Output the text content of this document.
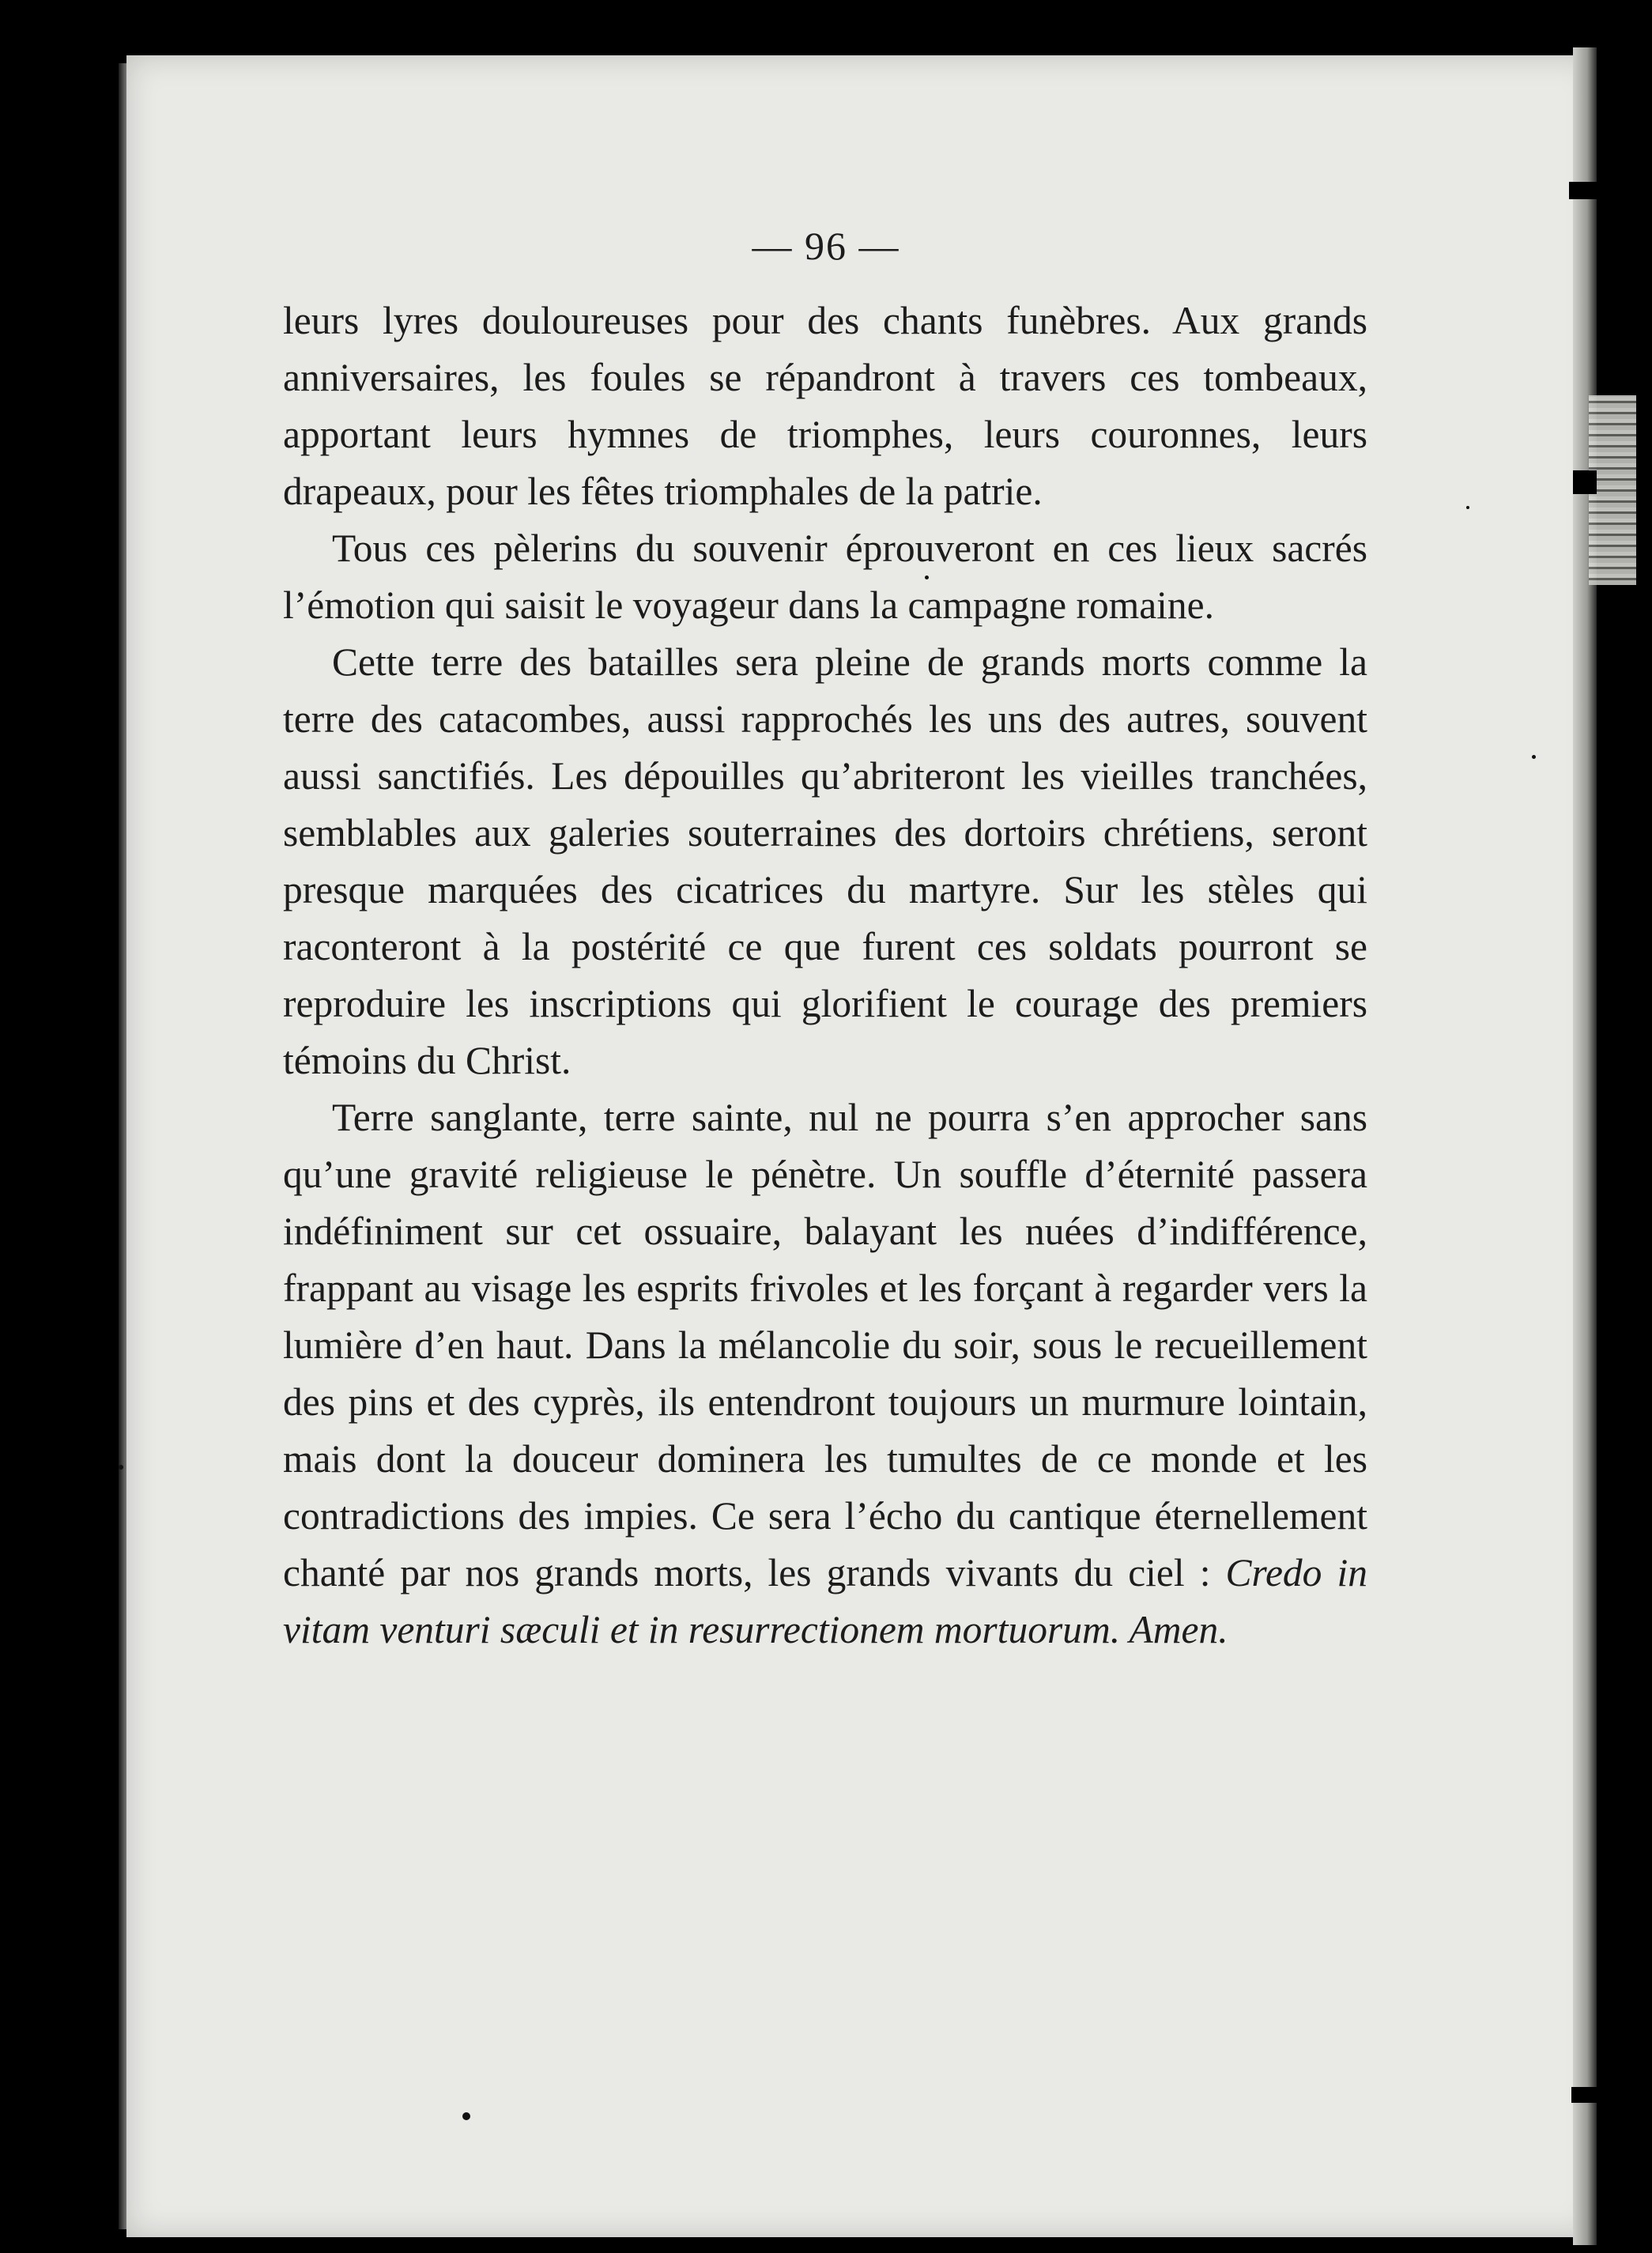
— 96 —

leurs lyres douloureuses pour des chants funèbres. Aux grands anniversaires, les foules se répandront à travers ces tombeaux, apportant leurs hymnes de triomphes, leurs couronnes, leurs drapeaux, pour les fêtes triomphales de la patrie.

Tous ces pèlerins du souvenir éprouveront en ces lieux sacrés l’émotion qui saisit le voyageur dans la campagne romaine.

Cette terre des batailles sera pleine de grands morts comme la terre des catacombes, aussi rapprochés les uns des autres, souvent aussi sanctifiés. Les dépouilles qu’abriteront les vieilles tranchées, semblables aux galeries souterraines des dortoirs chrétiens, seront presque marquées des cicatrices du martyre. Sur les stèles qui raconteront à la postérité ce que furent ces soldats pourront se reproduire les inscriptions qui glorifient le courage des premiers témoins du Christ.

Terre sanglante, terre sainte, nul ne pourra s’en approcher sans qu’une gravité religieuse le pénètre. Un souffle d’éternité passera indéfiniment sur cet ossuaire, balayant les nuées d’indifférence, frappant au visage les esprits frivoles et les forçant à regarder vers la lumière d’en haut. Dans la mélancolie du soir, sous le recueillement des pins et des cyprès, ils entendront toujours un murmure lointain, mais dont la douceur dominera les tumultes de ce monde et les contradictions des impies. Ce sera l’écho du cantique éternellement chanté par nos grands morts, les grands vivants du ciel : Credo in vitam venturi sæculi et in resurrectionem mortuorum. Amen.
